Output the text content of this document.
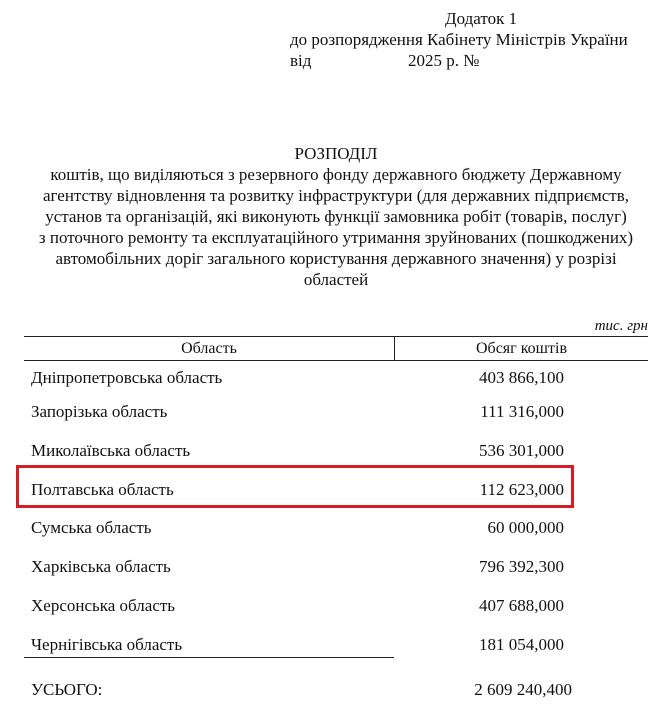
Додаток 1
до розпорядження Кабінету Міністрів України
від	2025 р. №
РОЗПОДІЛ
коштів, що виділяються з резервного фонду державного бюджету Державному
агентству відновлення та розвитку інфраструктури (для державних підприємств,
установ та організацій, які виконують функції замовника робіт (товарів, послуг)
з поточного ремонту та експлуатаційного утримання зруйнованих (пошкоджених)
автомобільних доріг загального користування державного значення) у розрізі
областей
тис. грн
Область	Обсяг коштів
Дніпропетровська область	403 866,100
Запорізька область	111 316,000
Миколаївська область	536 301,000
Полтавська область	112 623,000
Сумська область	60 000,000
Харківська область	796 392,300
Херсонська область	407 688,000
Чернігівська область	181 054,000
УСЬОГО:	2 609 240,400
